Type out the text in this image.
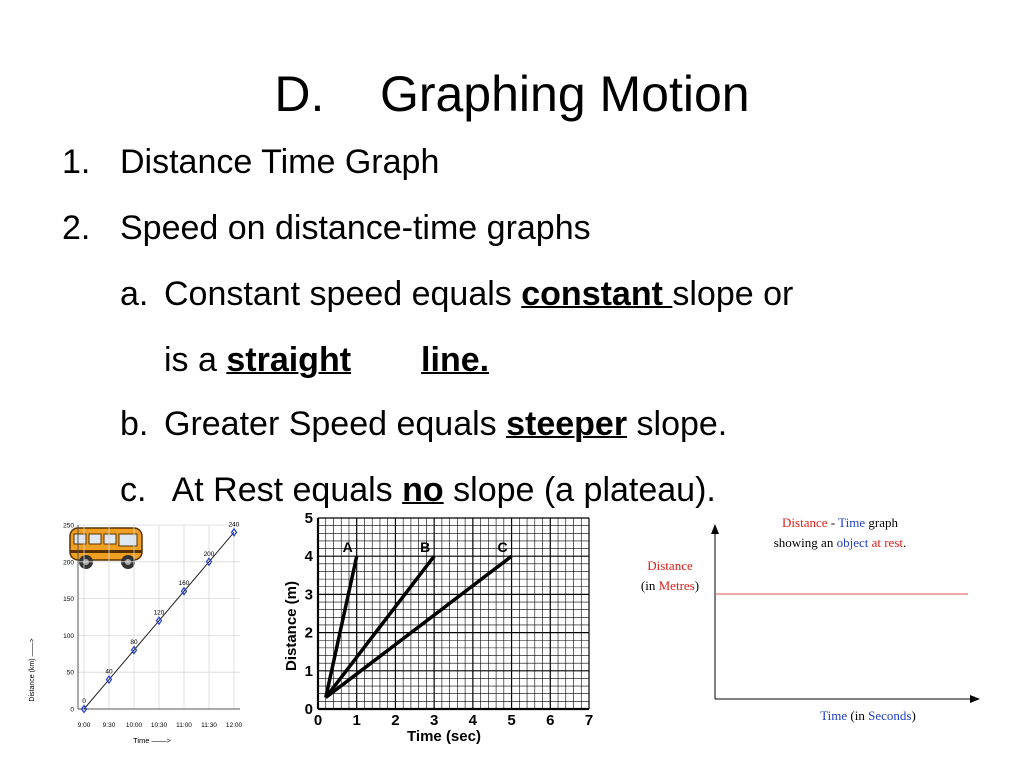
D.    Graphing Motion
1. Distance Time Graph
2. Speed on distance-time graphs
a. Constant speed equals constant slope or
is a straight line.
b. Greater Speed equals steeper slope.
c. At Rest equals no slope (a plateau).
0
50
100
150
200
250
9:00 9:30 10:00 10:30 11:00 11:30 12:00
0
40
80
120
160
200
240
Distance (km) ——>
Time ——>
0 1 2 3 4 5 6 7
0
1
2
3
4
5
A	B	C
Distance (m)
Time (sec)
Distance - Time graph
showing an object at rest.
Distance
(in Metres)
Time (in Seconds)
